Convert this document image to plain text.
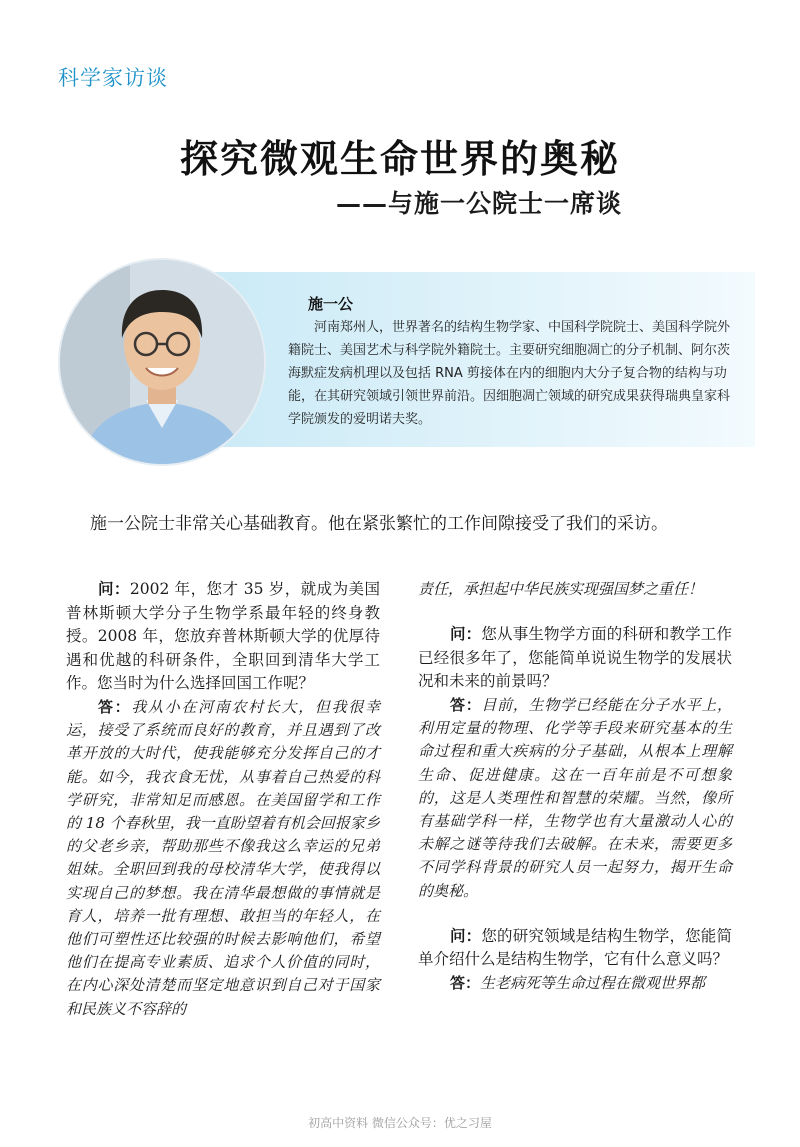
科学家访谈
探究微观生命世界的奥秘
——与施一公院士一席谈
施一公
河南郑州人，世界著名的结构生物学家、中国科学院院士、美国科学院外籍院士、美国艺术与科学院外籍院士。主要研究细胞凋亡的分子机制、阿尔茨海默症发病机理以及包括 RNA 剪接体在内的细胞内大分子复合物的结构与功能，在其研究领域引领世界前沿。因细胞凋亡领域的研究成果获得瑞典皇家科学院颁发的爱明诺夫奖。
施一公院士非常关心基础教育。他在紧张繁忙的工作间隙接受了我们的采访。

问：2002 年，您才 35 岁，就成为美国普林斯顿大学分子生物学系最年轻的终身教授。2008 年，您放弃普林斯顿大学的优厚待遇和优越的科研条件，全职回到清华大学工作。您当时为什么选择回国工作呢？

答：我从小在河南农村长大，但我很幸运，接受了系统而良好的教育，并且遇到了改革开放的大时代，使我能够充分发挥自己的才能。如今，我衣食无忧，从事着自己热爱的科学研究，非常知足而感恩。在美国留学和工作的 18 个春秋里，我一直盼望着有机会回报家乡的父老乡亲，帮助那些不像我这么幸运的兄弟姐妹。全职回到我的母校清华大学，使我得以实现自己的梦想。我在清华最想做的事情就是育人，培养一批有理想、敢担当的年轻人，在他们可塑性还比较强的时候去影响他们，希望他们在提高专业素质、追求个人价值的同时，在内心深处清楚而坚定地意识到自己对于国家和民族义不容辞的

责任，承担起中华民族实现强国梦之重任！

问：您从事生物学方面的科研和教学工作已经很多年了，您能简单说说生物学的发展状况和未来的前景吗？

答：目前，生物学已经能在分子水平上，利用定量的物理、化学等手段来研究基本的生命过程和重大疾病的分子基础，从根本上理解生命、促进健康。这在一百年前是不可想象的，这是人类理性和智慧的荣耀。当然，像所有基础学科一样，生物学也有大量激动人心的未解之谜等待我们去破解。在未来，需要更多不同学科背景的研究人员一起努力，揭开生命的奥秘。

问：您的研究领域是结构生物学，您能简单介绍什么是结构生物学，它有什么意义吗？

答：生老病死等生命过程在微观世界都

初高中资料 微信公众号：优之习屋
